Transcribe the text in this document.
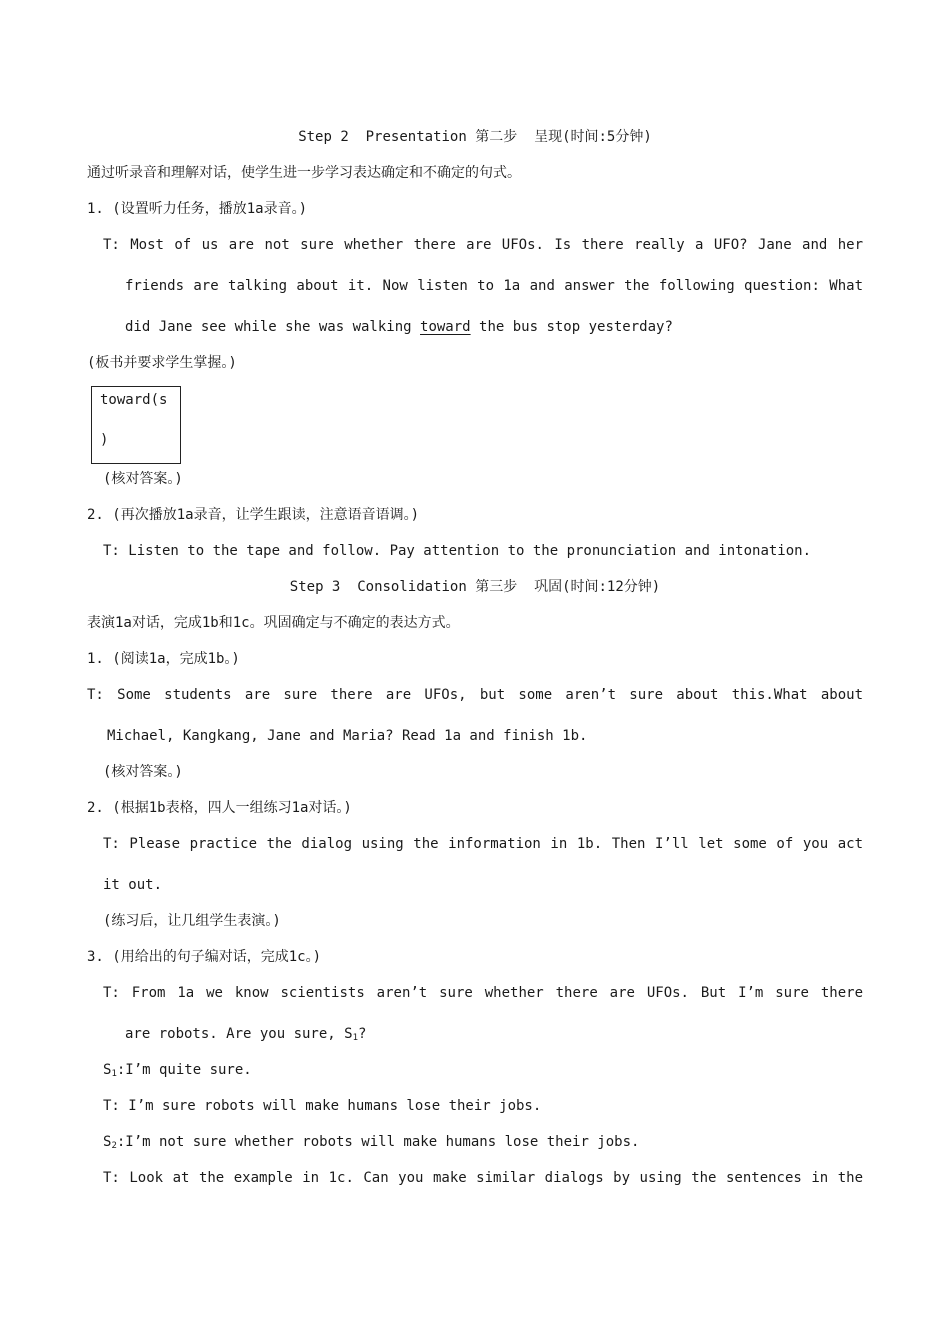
Step 2  Presentation 第二步  呈现(时间:5分钟)
通过听录音和理解对话，使学生进一步学习表达确定和不确定的句式。
1. (设置听力任务，播放1a录音。)
T: Most of us are not sure whether there are UFOs. Is there really a UFO? Jane and her
friends are talking about it. Now listen to 1a and answer the following question: What
did Jane see while she was walking toward the bus stop yesterday?
(板书并要求学生掌握。)
toward(s
)
(核对答案。)
2. (再次播放1a录音，让学生跟读，注意语音语调。)
T: Listen to the tape and follow. Pay attention to the pronunciation and intonation.
Step 3  Consolidation 第三步  巩固(时间:12分钟)
表演1a对话，完成1b和1c。巩固确定与不确定的表达方式。
1. (阅读1a，完成1b。)
T: Some students are sure there are UFOs, but some aren’t sure about this.What about
Michael, Kangkang, Jane and Maria? Read 1a and finish 1b.
(核对答案。)
2. (根据1b表格，四人一组练习1a对话。)
T: Please practice the dialog using the information in 1b. Then I’ll let some of you act
it out.
(练习后，让几组学生表演。)
3. (用给出的句子编对话，完成1c。)
T: From 1a we know scientists aren’t sure whether there are UFOs. But I’m sure there
are robots. Are you sure, $S_1$?
$S_1:I’m$ quite sure.
T: I’m sure robots will make humans lose their jobs.
$S_2:I’m$ not sure whether robots will make humans lose their jobs.
T: Look at the example in 1c. Can you make similar dialogs by using the sentences in the
